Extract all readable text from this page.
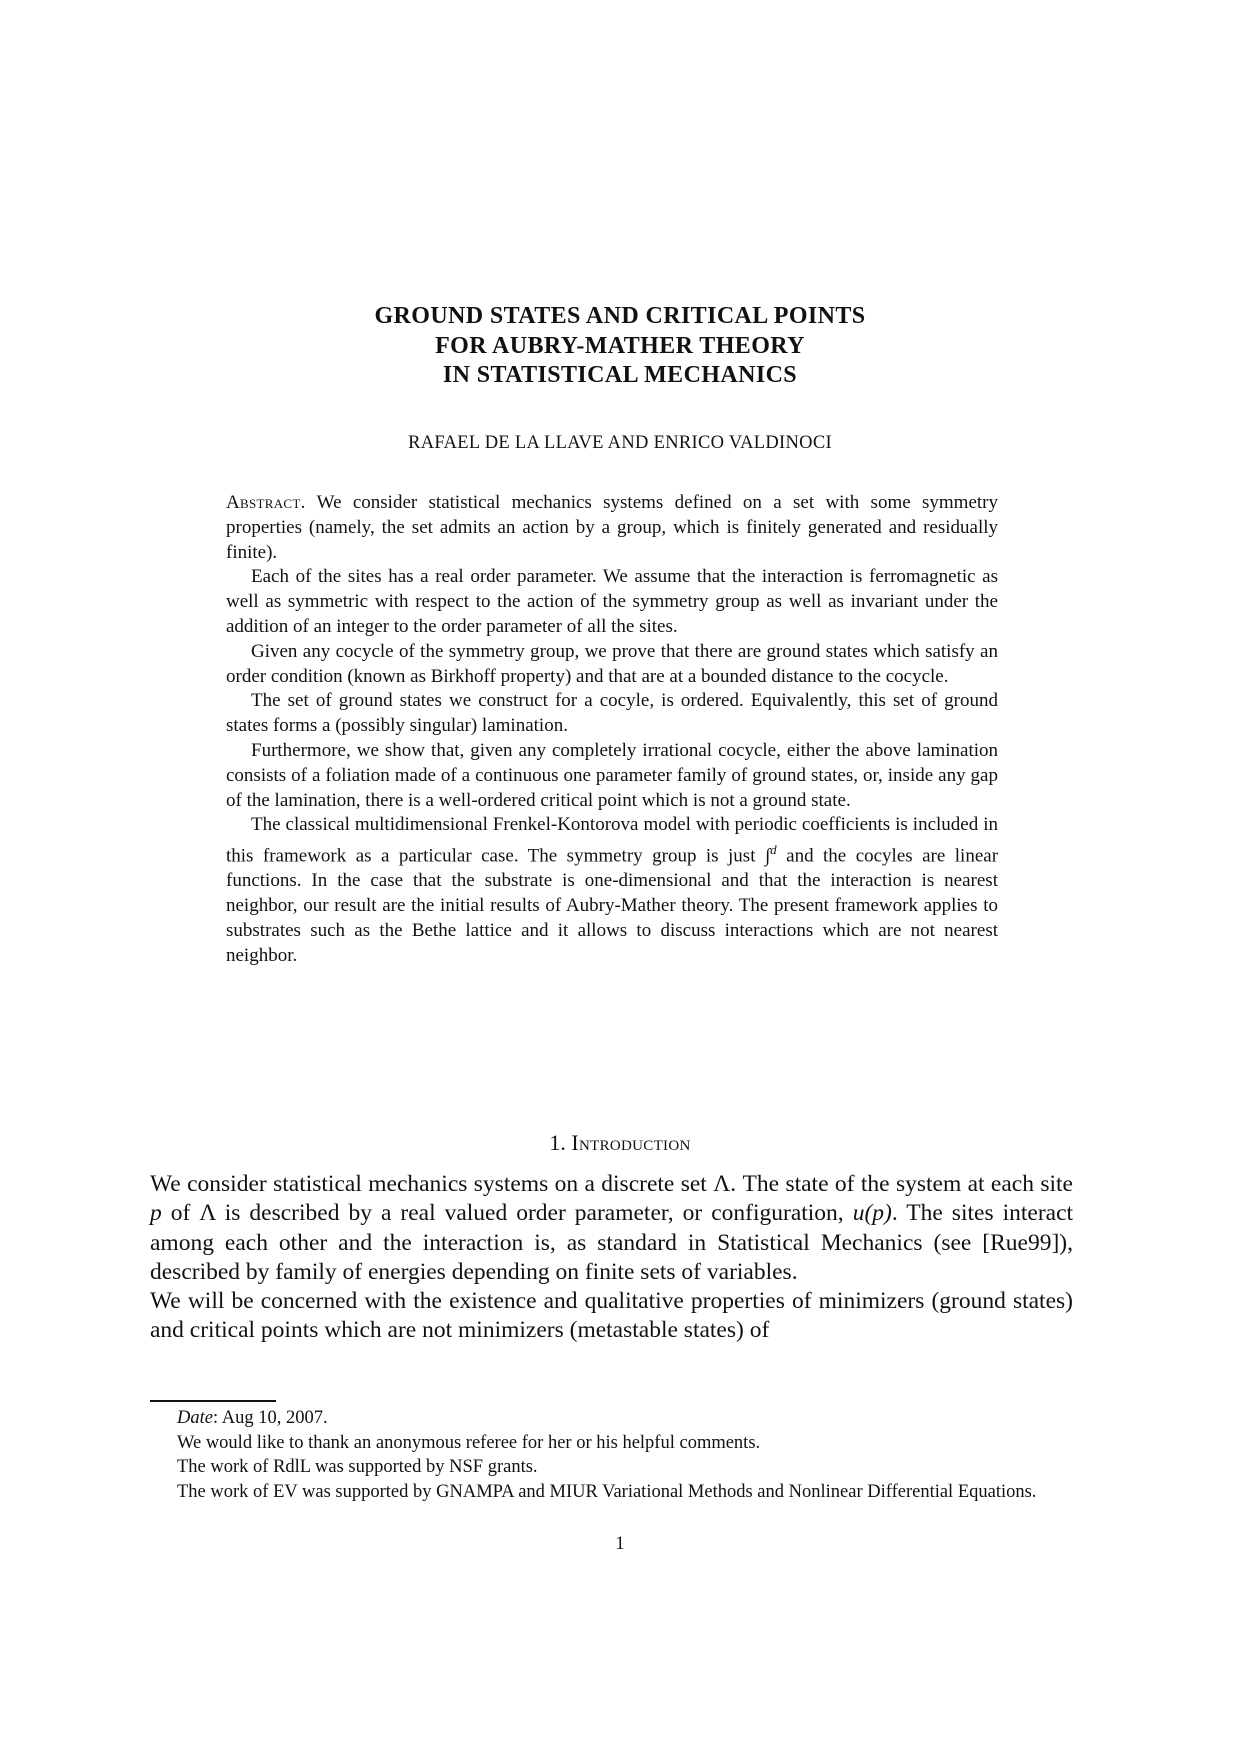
GROUND STATES AND CRITICAL POINTS
FOR AUBRY-MATHER THEORY
IN STATISTICAL MECHANICS
RAFAEL DE LA LLAVE AND ENRICO VALDINOCI

Abstract. We consider statistical mechanics systems defined on a set with some symmetry properties (namely, the set admits an action by a group, which is finitely generated and residually finite).

Each of the sites has a real order parameter. We assume that the interaction is ferromagnetic as well as symmetric with respect to the action of the symmetry group as well as invariant under the addition of an integer to the order parameter of all the sites.

Given any cocycle of the symmetry group, we prove that there are ground states which satisfy an order condition (known as Birkhoff property) and that are at a bounded distance to the cocycle.

The set of ground states we construct for a cocyle, is ordered. Equivalently, this set of ground states forms a (possibly singular) lamination.

Furthermore, we show that, given any completely irrational cocycle, either the above lamination consists of a foliation made of a continuous one parameter family of ground states, or, inside any gap of the lamination, there is a well-ordered critical point which is not a ground state.

The classical multidimensional Frenkel-Kontorova model with periodic coefficients is included in this framework as a particular case. The symmetry group is just ∫$^d$ and the cocyles are linear functions. In the case that the substrate is one-dimensional and that the interaction is nearest neighbor, our result are the initial results of Aubry-Mather theory. The present framework applies to substrates such as the Bethe lattice and it allows to discuss interactions which are not nearest neighbor.

1. Introduction

We consider statistical mechanics systems on a discrete set Λ. The state of the system at each site p of Λ is described by a real valued order parameter, or configuration, u(p). The sites interact among each other and the interaction is, as standard in Statistical Mechanics (see [Rue99]), described by family of energies depending on finite sets of variables.

We will be concerned with the existence and qualitative properties of minimizers (ground states) and critical points which are not minimizers (metastable states) of

Date: Aug 10, 2007.

We would like to thank an anonymous referee for her or his helpful comments.

The work of RdlL was supported by NSF grants.

The work of EV was supported by GNAMPA and MIUR Variational Methods and Nonlinear Differential Equations.

1
